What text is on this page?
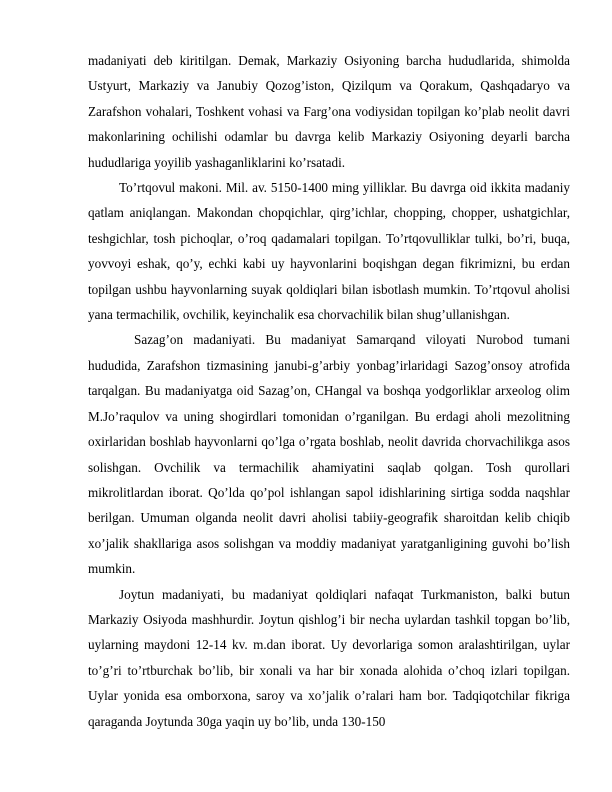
madaniyati deb kiritilgan. Demak, Markaziy Osiyoning barcha hududlarida, shimolda Ustyurt, Markaziy va Janubiy Qozog’iston, Qizilqum va Qorakum, Qashqadaryo va Zarafshon vohalari, Toshkent vohasi va Farg’ona vodiysidan topilgan ko’plab neolit davri makonlarining ochilishi odamlar bu davrga kelib Markaziy Osiyoning deyarli barcha hududlariga yoyilib yashaganliklarini ko’rsatadi.

To’rtqovul makoni. Mil. av. 5150-1400 ming yilliklar. Bu davrga oid ikkita madaniy qatlam aniqlangan. Makondan chopqichlar, qirg’ichlar, chopping, chopper, ushatgichlar, teshgichlar, tosh pichoqlar, o’roq qadamalari topilgan. To’rtqovulliklar tulki, bo’ri, buqa, yovvoyi eshak, qo’y, echki kabi uy hayvonlarini boqishgan degan fikrimizni, bu erdan topilgan ushbu hayvonlarning suyak qoldiqlari bilan isbotlash mumkin. To’rtqovul aholisi yana termachilik, ovchilik, keyinchalik esa chorvachilik bilan shug’ullanishgan.

Sazag’on madaniyati. Bu madaniyat Samarqand viloyati Nurobod tumani hududida, Zarafshon tizmasining janubi-g’arbiy yonbag’irlaridagi Sazog’onsoy atrofida tarqalgan. Bu madaniyatga oid Sazag’on, CHangal va boshqa yodgorliklar arxeolog olim M.Jo’raqulov va uning shogirdlari tomonidan o’rganilgan. Bu erdagi aholi mezolitning oxirlaridan boshlab hayvonlarni qo’lga o’rgata boshlab, neolit davrida chorvachilikga asos solishgan. Ovchilik va termachilik ahamiyatini saqlab qolgan. Tosh qurollari mikrolitlardan iborat. Qo’lda qo’pol ishlangan sapol idishlarining sirtiga sodda naqshlar berilgan. Umuman olganda neolit davri aholisi tabiiy-geografik sharoitdan kelib chiqib xo’jalik shakllariga asos solishgan va moddiy madaniyat yaratganligining guvohi bo’lish mumkin.

Joytun madaniyati, bu madaniyat qoldiqlari nafaqat Turkmaniston, balki butun Markaziy Osiyoda mashhurdir. Joytun qishlog’i bir necha uylardan tashkil topgan bo’lib, uylarning maydoni 12-14 kv. m.dan iborat. Uy devorlariga somon aralashtirilgan, uylar to’g’ri to’rtburchak bo’lib, bir xonali va har bir xonada alohida o’choq izlari topilgan. Uylar yonida esa omborxona, saroy va xo’jalik o’ralari ham bor. Tadqiqotchilar fikriga qaraganda Joytunda 30ga yaqin uy bo’lib, unda 130-150
